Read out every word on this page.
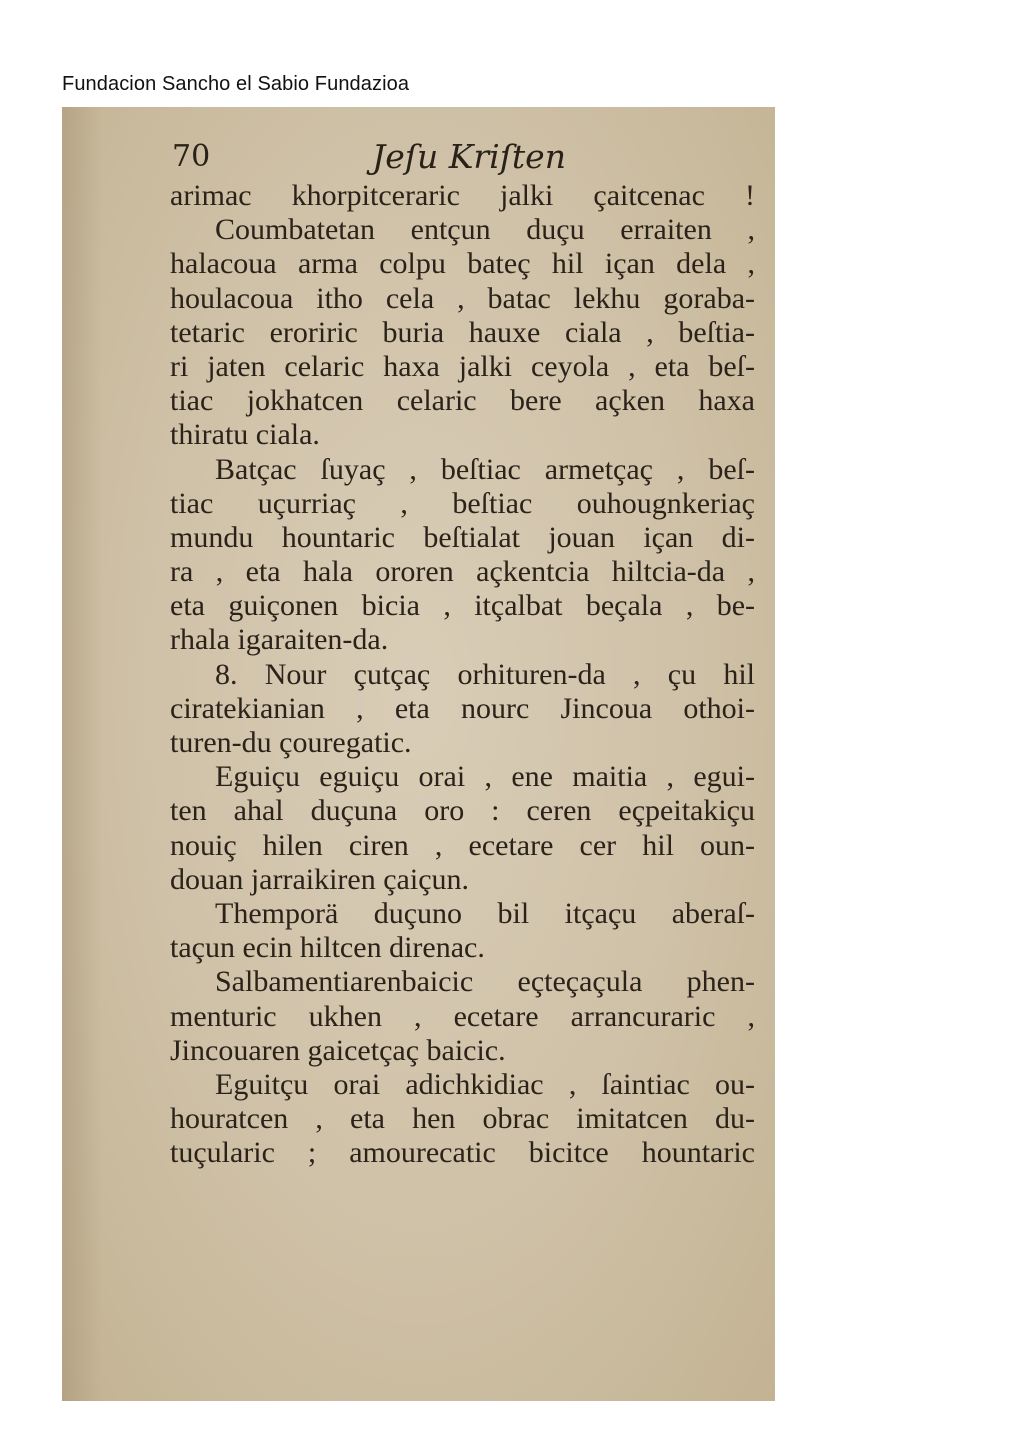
Fundacion Sancho el Sabio Fundazioa
70	Jeſu Kriſten
arimac khorpitceraric jalki çaitcenac !
Coumbatetan entçun duçu erraiten ,
halacoua arma colpu bateç hil içan dela ,
houlacoua itho cela , batac lekhu goraba-
tetaric eroriric buria hauxe ciala , beſtia-
ri jaten celaric haxa jalki ceyola , eta beſ-
tiac jokhatcen celaric bere açken haxa
thiratu ciala.
Batçac ſuyaç , beſtiac armetçaç , beſ-
tiac uçurriaç , beſtiac ouhougnkeriaç
mundu hountaric beſtialat jouan içan di-
ra , eta hala ororen açkentcia hiltcia-da ,
eta guiçonen bicia , itçalbat beçala , be-
rhala igaraiten-da.
8. Nour çutçaç orhituren-da , çu hil
ciratekianian , eta nourc Jincoua othoi-
turen-du çouregatic.
Eguiçu eguiçu orai , ene maitia , egui-
ten ahal duçuna oro : ceren eçpeitakiçu
nouiç hilen ciren , ecetare cer hil oun-
douan jarraikiren çaiçun.
Themporä duçuno bil itçaçu aberaſ-
taçun ecin hiltcen direnac.
Salbamentiarenbaicic eçteçaçula phen-
menturic ukhen , ecetare arrancuraric ,
Jincouaren gaicetçaç baicic.
Eguitçu orai adichkidiac , ſaintiac ou-
houratcen , eta hen obrac imitatcen du-
tuçularic ; amourecatic bicitce hountaric
